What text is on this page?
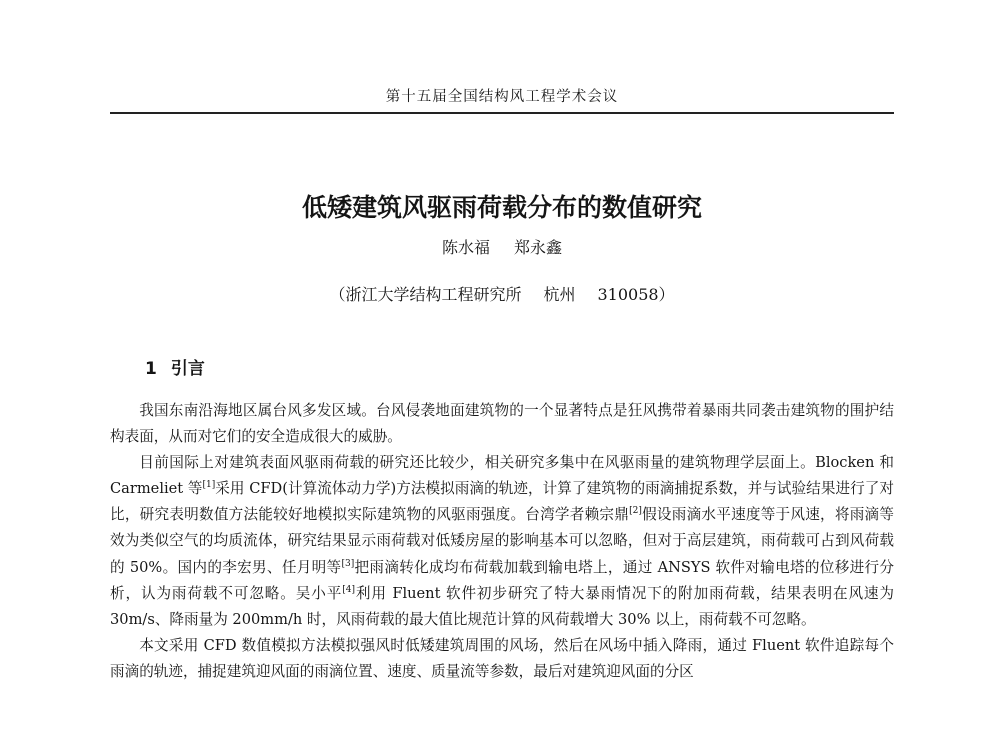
第十五届全国结构风工程学术会议
低矮建筑风驱雨荷载分布的数值研究
陈水福 郑永鑫
（浙江大学结构工程研究所 杭州 310058）
1 引言

我国东南沿海地区属台风多发区域。台风侵袭地面建筑物的一个显著特点是狂风携带着暴雨共同袭击建筑物的围护结构表面，从而对它们的安全造成很大的威胁。

目前国际上对建筑表面风驱雨荷载的研究还比较少，相关研究多集中在风驱雨量的建筑物理学层面上。Blocken 和 Carmeliet 等[1]采用 CFD(计算流体动力学)方法模拟雨滴的轨迹，计算了建筑物的雨滴捕捉系数，并与试验结果进行了对比，研究表明数值方法能较好地模拟实际建筑物的风驱雨强度。台湾学者赖宗鼎[2]假设雨滴水平速度等于风速，将雨滴等效为类似空气的均质流体，研究结果显示雨荷载对低矮房屋的影响基本可以忽略，但对于高层建筑，雨荷载可占到风荷载的 50%。国内的李宏男、任月明等[3]把雨滴转化成均布荷载加载到输电塔上，通过 ANSYS 软件对输电塔的位移进行分析，认为雨荷载不可忽略。吴小平[4]利用 Fluent 软件初步研究了特大暴雨情况下的附加雨荷载，结果表明在风速为 30m/s、降雨量为 200mm/h 时，风雨荷载的最大值比规范计算的风荷载增大 30% 以上，雨荷载不可忽略。

本文采用 CFD 数值模拟方法模拟强风时低矮建筑周围的风场，然后在风场中插入降雨，通过 Fluent 软件追踪每个雨滴的轨迹，捕捉建筑迎风面的雨滴位置、速度、质量流等参数，最后对建筑迎风面的分区
